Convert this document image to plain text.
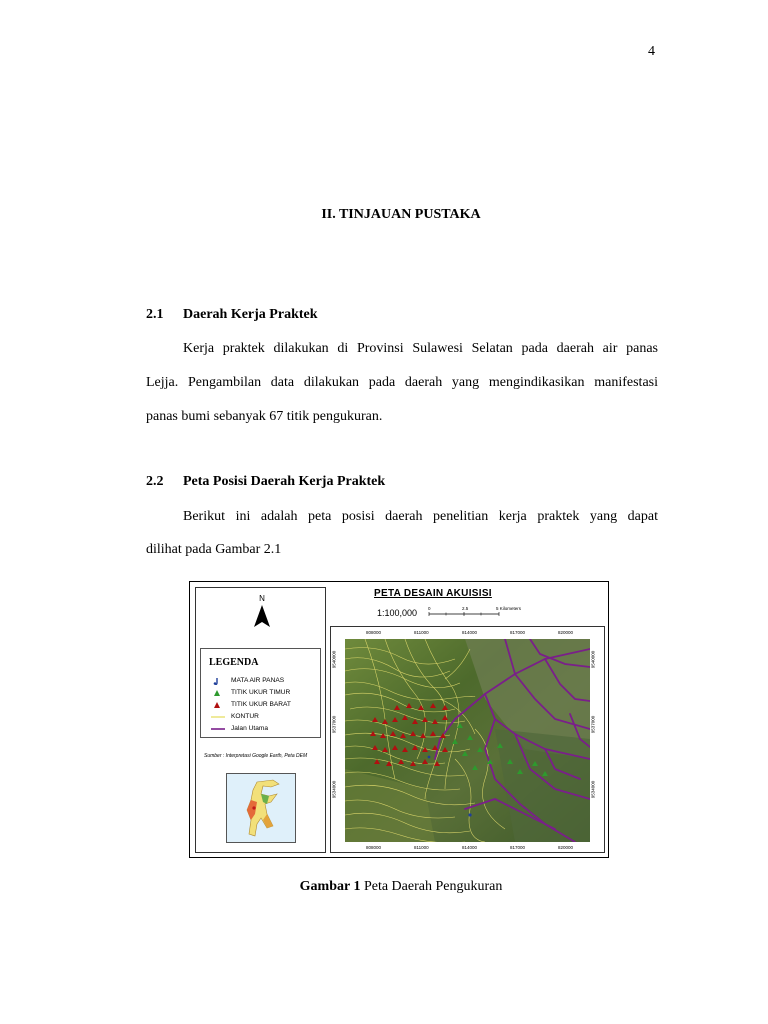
4
II. TINJAUAN PUSTAKA
2.1 Daerah Kerja Praktek
Kerja praktek dilakukan di Provinsi Sulawesi Selatan pada daerah air panas
Lejja. Pengambilan data dilakukan pada daerah yang mengindikasikan manifestasi
panas bumi sebanyak 67 titik pengukuran.
2.2 Peta Posisi Daerah Kerja Praktek
Berikut ini adalah peta posisi daerah penelitian kerja praktek yang dapat
dilihat pada Gambar 2.1
N
LEGENDA
MATA AIR PANAS
TITIK UKUR TIMUR
TITIK UKUR BARAT
KONTUR
Jalan Utama
Sumber : Interpretasi Google Earth, Peta DEM
PETA DESAIN AKUISISI
1:100,000 0	2.5	5 Kilometers
808000	811000	814000	817000	820000
808000	811000	814000	817000	820000
9540000
9537000
9534000
9540000
9537000
9534000
Gambar 1 Peta Daerah Pengukuran
